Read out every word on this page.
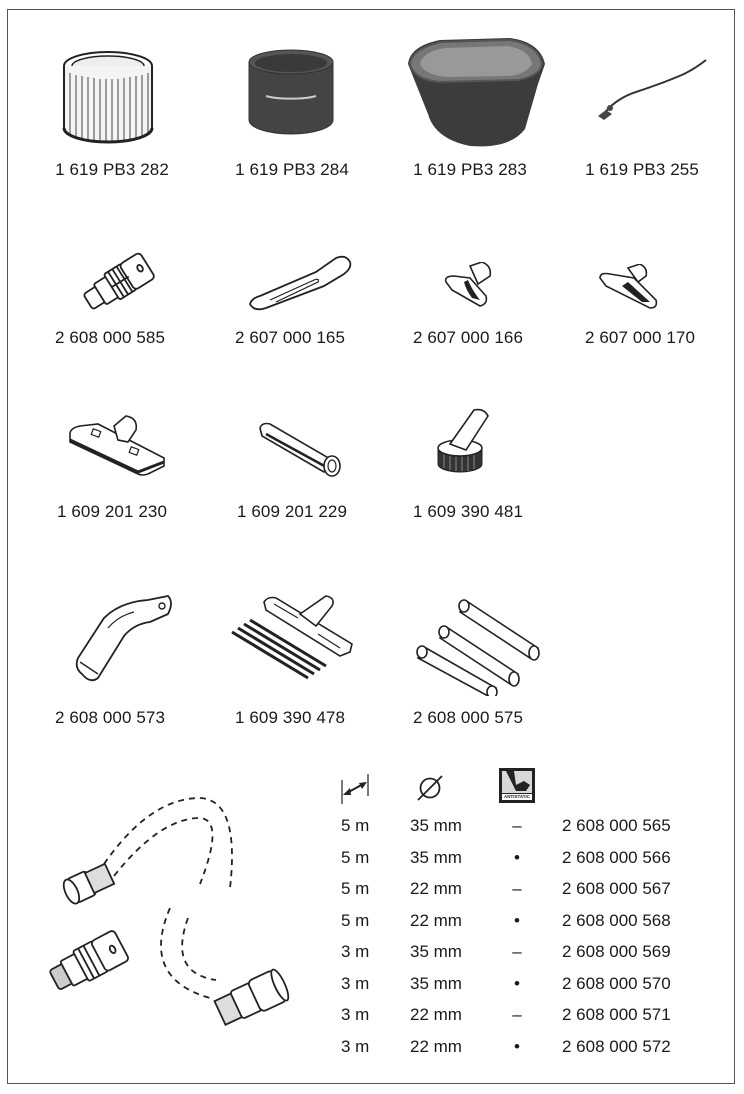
1 619 PB3 282	1 619 PB3 284	1 619 PB3 283	1 619 PB3 255
2 608 000 585	2 607 000 165	2 607 000 166	2 607 000 170
1 609 201 230	1 609 201 229	1 609 390 481
2 608 000 573	1 609 390 478	2 608 000 575
ANTISTATIC
5 m 35 mm	– 2 608 000 565
5 m 35 mm	• 2 608 000 566
5 m 22 mm	– 2 608 000 567
5 m 22 mm	• 2 608 000 568
3 m 35 mm	– 2 608 000 569
3 m 35 mm	• 2 608 000 570
3 m 22 mm	– 2 608 000 571
3 m 22 mm	• 2 608 000 572
